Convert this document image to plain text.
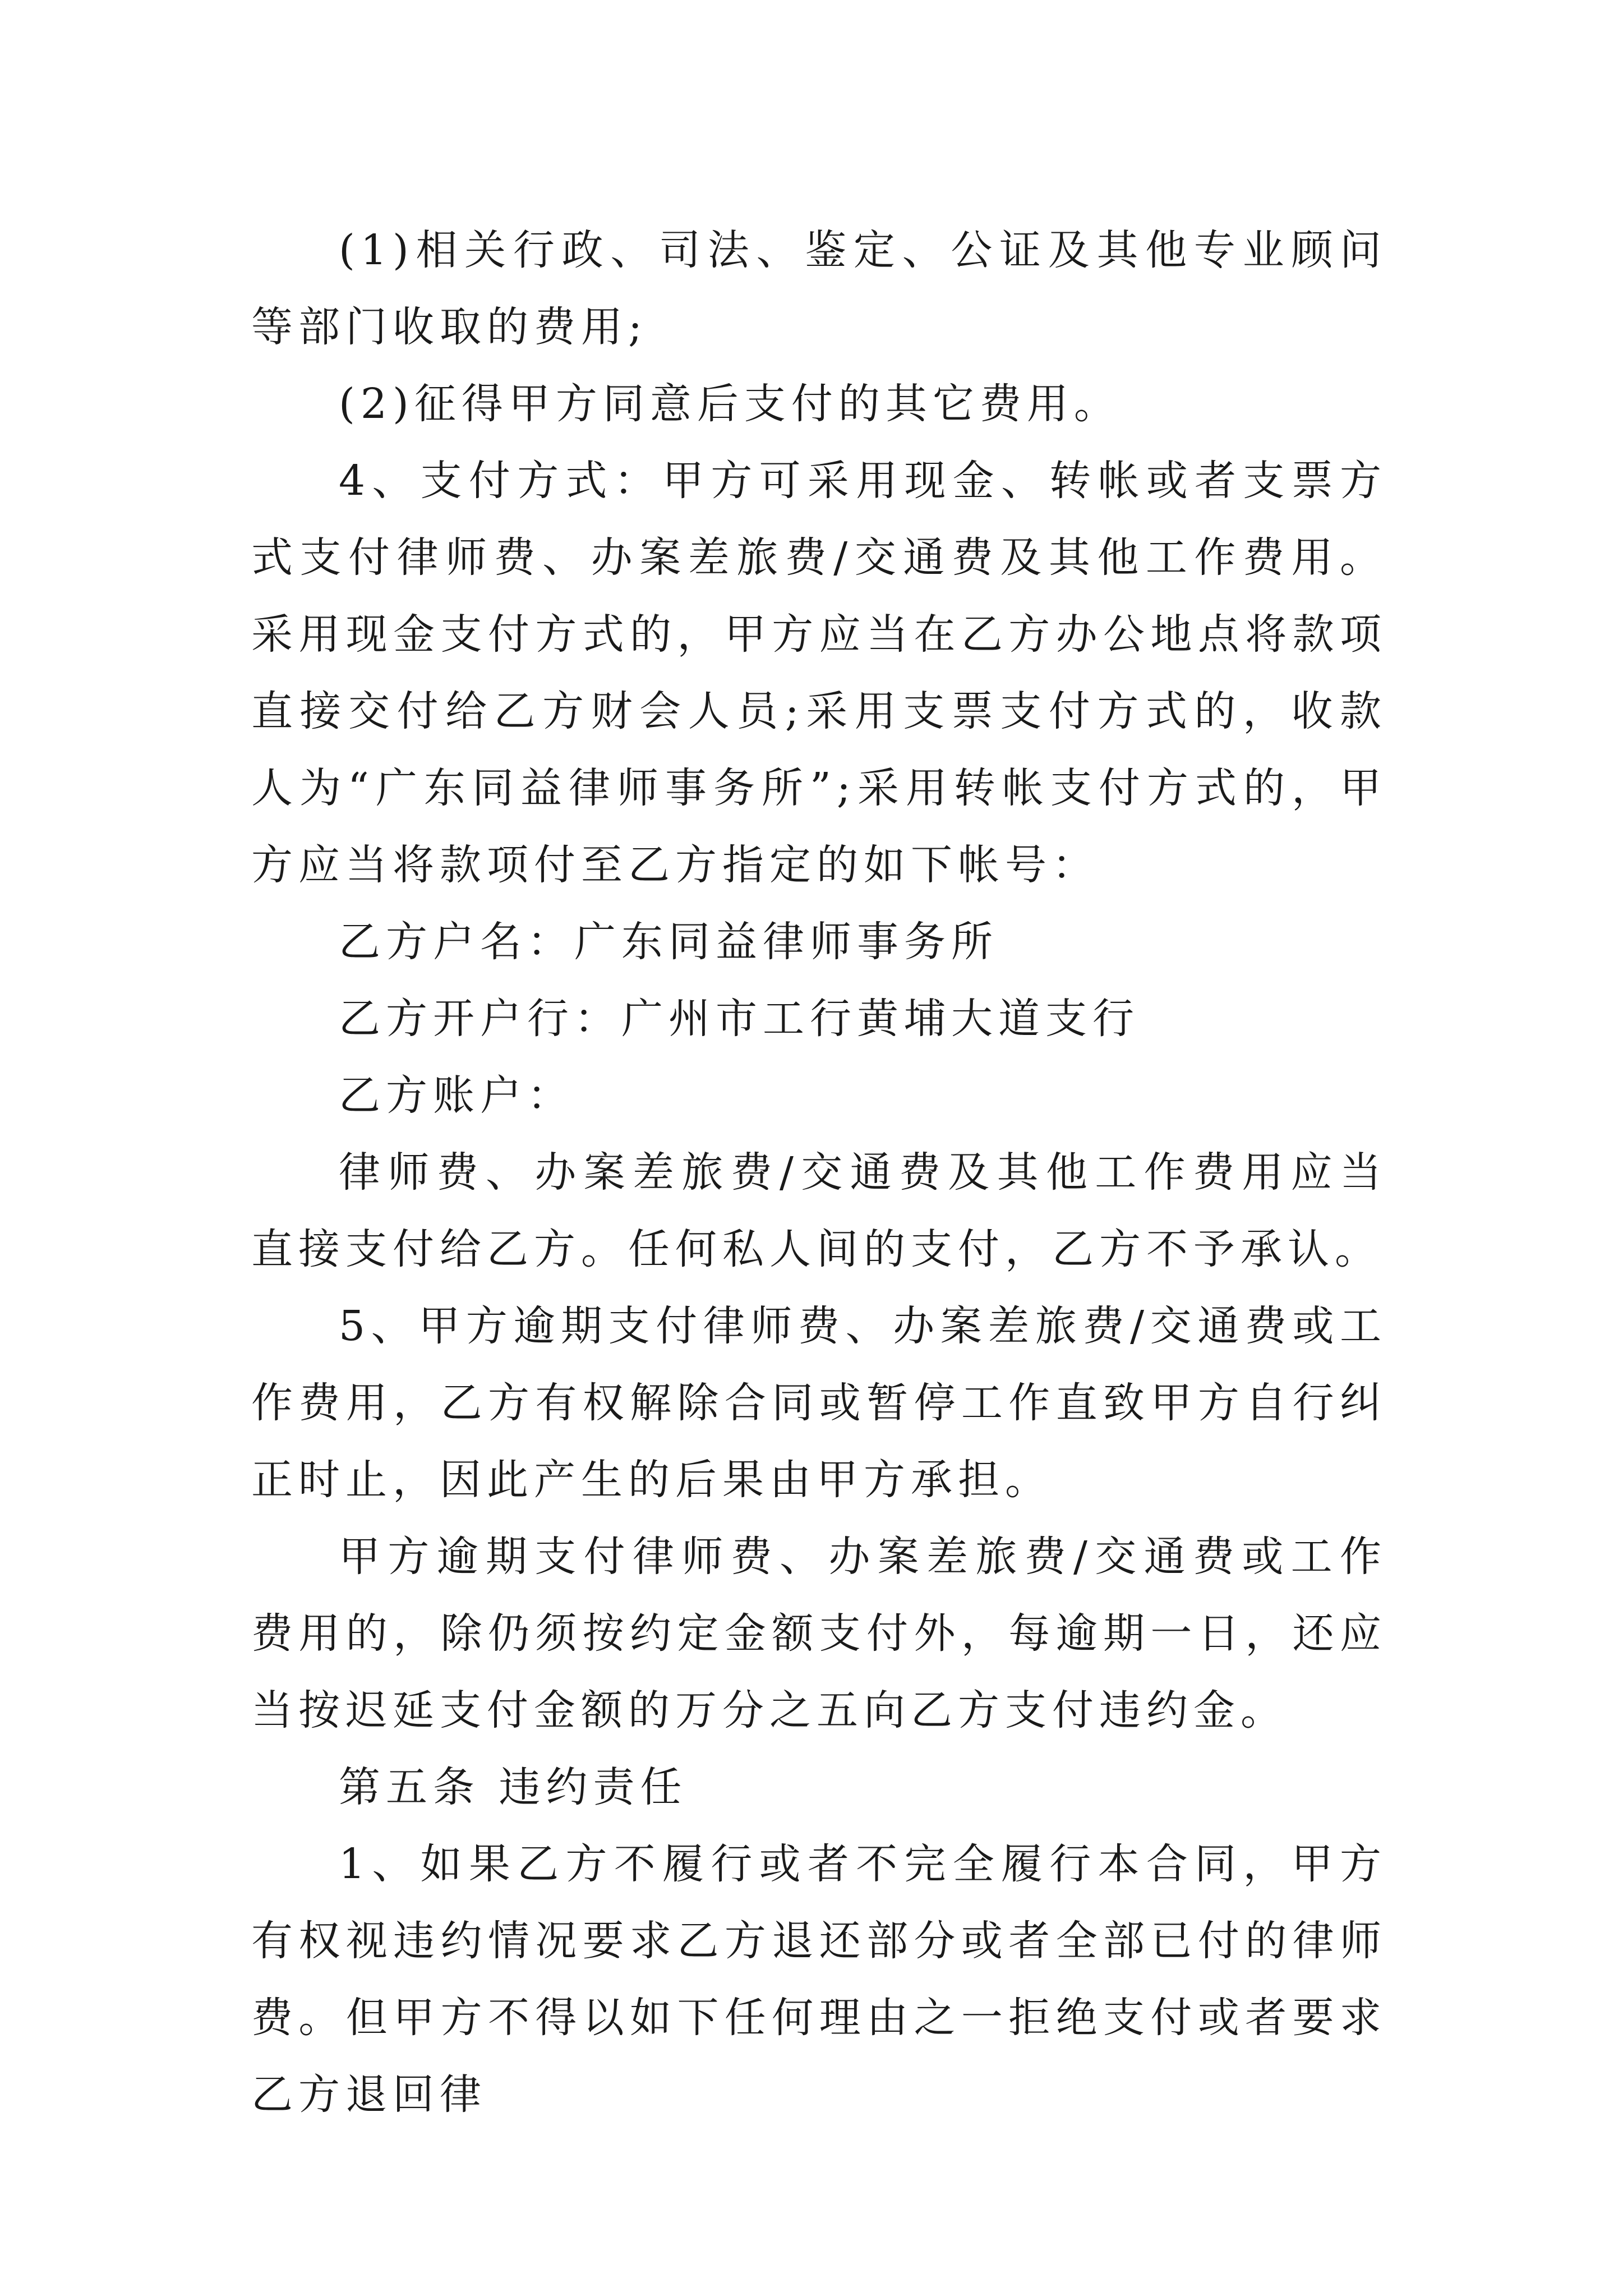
(1)相关行政、司法、鉴定、公证及其他专业顾问等部门收取的费用;

(2)征得甲方同意后支付的其它费用。

4、支付方式：甲方可采用现金、转帐或者支票方式支付律师费、办案差旅费/交通费及其他工作费用。采用现金支付方式的，甲方应当在乙方办公地点将款项直接交付给乙方财会人员;采用支票支付方式的，收款人为“广东同益律师事务所”;采用转帐支付方式的，甲方应当将款项付至乙方指定的如下帐号：

乙方户名：广东同益律师事务所

乙方开户行：广州市工行黄埔大道支行

乙方账户：

律师费、办案差旅费/交通费及其他工作费用应当直接支付给乙方。任何私人间的支付，乙方不予承认。

5、甲方逾期支付律师费、办案差旅费/交通费或工作费用，乙方有权解除合同或暂停工作直致甲方自行纠正时止，因此产生的后果由甲方承担。

甲方逾期支付律师费、办案差旅费/交通费或工作费用的，除仍须按约定金额支付外，每逾期一日，还应当按迟延支付金额的万分之五向乙方支付违约金。

第五条 违约责任

1、如果乙方不履行或者不完全履行本合同，甲方有权视违约情况要求乙方退还部分或者全部已付的律师费。但甲方不得以如下任何理由之一拒绝支付或者要求乙方退回律
